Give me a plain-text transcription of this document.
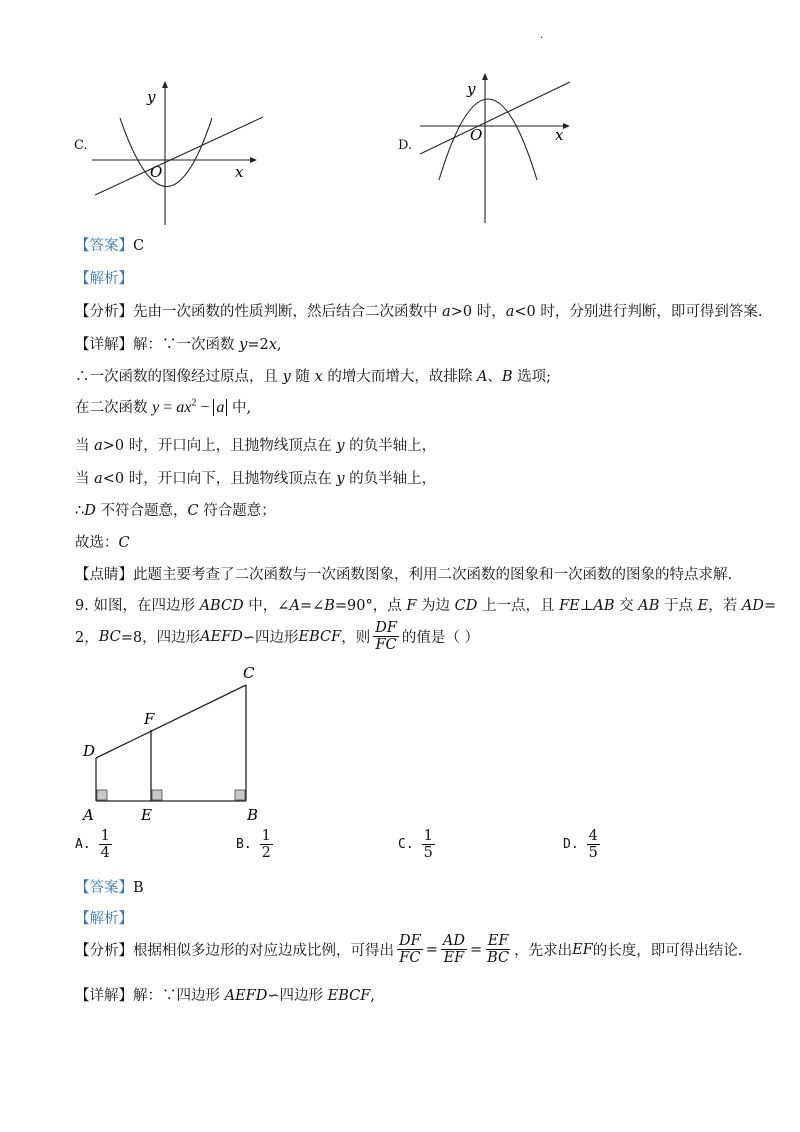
.
C.
y
x
O
D.
y
x
O
【答案】C
【解析】
【分析】先由一次函数的性质判断，然后结合二次函数中 a>0 时，a<0 时，分别进行判断，即可得到答案.
【详解】解：∵一次函数 y=2x,
∴一次函数的图像经过原点，且 y 随 x 的增大而增大，故排除 A、B 选项;
在二次函数 $y = ax^2 - a$ 中,
当 a>0 时，开口向上，且抛物线顶点在 y 的负半轴上，
当 a<0 时，开口向下，且抛物线顶点在 y 的负半轴上，
∴D 不符合题意，C 符合题意；
故选：C
【点睛】此题主要考查了二次函数与一次函数图象，利用二次函数的图象和一次函数的图象的特点求解.
9. 如图，在四边形 ABCD 中，∠A=∠B=90°，点 F 为边 CD 上一点，且 FE⊥AB 交 AB 于点 E，若 AD=
2， BC =8，四边形 AEFD ∽四边形 EBCF ，则 $\frac{DF}{FC}$ 的值是（ ）
D
F
C
A	E	B
A. $\frac{1}{4}$	B. $\frac{1}{2}$	C. $\frac{1}{5}$	D. $\frac{4}{5}$
【答案】B
【解析】
【分析】 根据相似多边形的对应边成比例，可得出 $\frac{DF}{FC} = \frac{AD}{EF} = \frac{EF}{BC}$ ，先求出 EF 的长度，即可得出结论.
【详解】解：∵四边形 AEFD∽四边形 EBCF,
